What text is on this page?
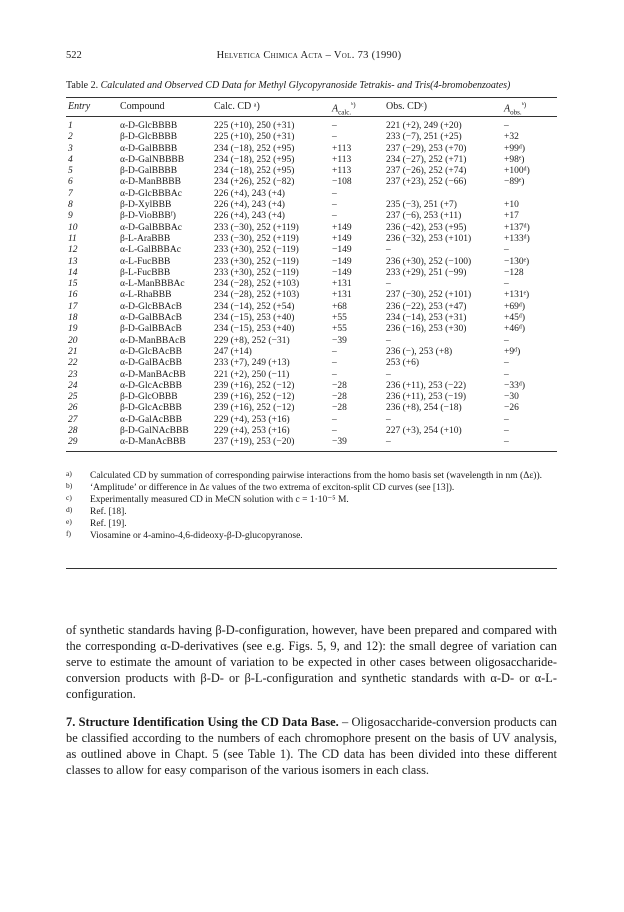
522	Helvetica Chimica Acta – Vol. 73 (1990)
Table 2. Calculated and Observed CD Data for Methyl Glycopyranoside Tetrakis- and Tris(4-bromobenzoates)
Entry	Compound	Calc. CD ᵃ)	$A_{calc.}^{ᵇ)}$	Obs. CDᶜ)	$A_{obs.}^{ᵇ)}$
1	α-D-GlcBBBB	225 (+10), 250 (+31)	–	221 (+2), 249 (+20)	–
2	β-D-GlcBBBB	225 (+10), 250 (+31)	–	233 (−7), 251 (+25)	+32
3	α-D-GalBBBB	234 (−18), 252 (+95)	+113	237 (−29), 253 (+70)	+99ᵈ)
4	α-D-GalNBBBB	234 (−18), 252 (+95)	+113	234 (−27), 252 (+71)	+98ᵉ)
5	β-D-GalBBBB	234 (−18), 252 (+95)	+113	237 (−26), 252 (+74)	+100ᵈ)
6	α-D-ManBBBB	234 (+26), 252 (−82)	−108	237 (+23), 252 (−66)	−89ᵉ)
7	α-D-GlcBBBAc	226 (+4), 243 (+4)	–
8	β-D-XylBBB	226 (+4), 243 (+4)	–	235 (−3), 251 (+7)	+10
9	β-D-VioBBBᶠ)	226 (+4), 243 (+4)	–	237 (−6), 253 (+11)	+17
10	α-D-GalBBBAc	233 (−30), 252 (+119)	+149	236 (−42), 253 (+95)	+137ᵈ)
11	β-L-AraBBB	233 (−30), 252 (+119)	+149	236 (−32), 253 (+101)	+133ᵈ)
12	α-L-GalBBBAc	233 (+30), 252 (−119)	−149	–	–
13	α-L-FucBBB	233 (+30), 252 (−119)	−149	236 (+30), 252 (−100)	−130ᵉ)
14	β-L-FucBBB	233 (+30), 252 (−119)	−149	233 (+29), 251 (−99)	−128
15	α-L-ManBBBAc	234 (−28), 252 (+103)	+131	–	–
16	α-L-RhaBBB	234 (−28), 252 (+103)	+131	237 (−30), 252 (+101)	+131ᵉ)
17	α-D-GlcBBAcB	234 (−14), 252 (+54)	+68	236 (−22), 253 (+47)	+69ᵈ)
18	α-D-GalBBAcB	234 (−15), 253 (+40)	+55	234 (−14), 253 (+31)	+45ᵈ)
19	β-D-GalBBAcB	234 (−15), 253 (+40)	+55	236 (−16), 253 (+30)	+46ᵈ)
20	α-D-ManBBAcB	229 (+8), 252 (−31)	−39	–	–
21	α-D-GlcBAcBB	247 (+14)	–	236 (−), 253 (+8)	+9ᵈ)
22	α-D-GalBAcBB	233 (+7), 249 (+13)	–	253 (+6)	–
23	α-D-ManBAcBB	221 (+2), 250 (−11)	–	–	–
24	α-D-GlcAcBBB	239 (+16), 252 (−12)	−28	236 (+11), 253 (−22)	−33ᵈ)
25	β-D-GlcOBBB	239 (+16), 252 (−12)	−28	236 (+11), 253 (−19)	−30
26	β-D-GlcAcBBB	239 (+16), 252 (−12)	−28	236 (+8), 254 (−18)	−26
27	α-D-GalAcBBB	229 (+4), 253 (+16)	–	–	–
28	β-D-GalNAcBBB	229 (+4), 253 (+16)	–	227 (+3), 254 (+10)	–
29	α-D-ManAcBBB	237 (+19), 253 (−20)	−39	–	–
a) Calculated CD by summation of corresponding pairwise interactions from the homo basis set (wavelength in nm (Δε)).
b) ‘Amplitude’ or difference in Δε values of the two extrema of exciton-split CD curves (see [13]).
c) Experimentally measured CD in MeCN solution with c = 1·10⁻⁵ M.
d) Ref. [18].
e) Ref. [19].
f) Viosamine or 4-amino-4,6-dideoxy-β-D-glucopyranose.
of synthetic standards having β-D-configuration, however, have been prepared and compared with the corresponding α-D-derivatives (see e.g. Figs. 5, 9, and 12): the small degree of variation can serve to estimate the amount of variation to be expected in other cases between oligosaccharide-conversion products with β-D- or β-L-configuration and synthetic standards with α-D- or α-L-configuration.
7. Structure Identification Using the CD Data Base. – Oligosaccharide-conversion products can be classified according to the numbers of each chromophore present on the basis of UV analysis, as outlined above in Chapt. 5 (see Table 1). The CD data has been divided into these different classes to allow for easy comparison of the various isomers in each class.
